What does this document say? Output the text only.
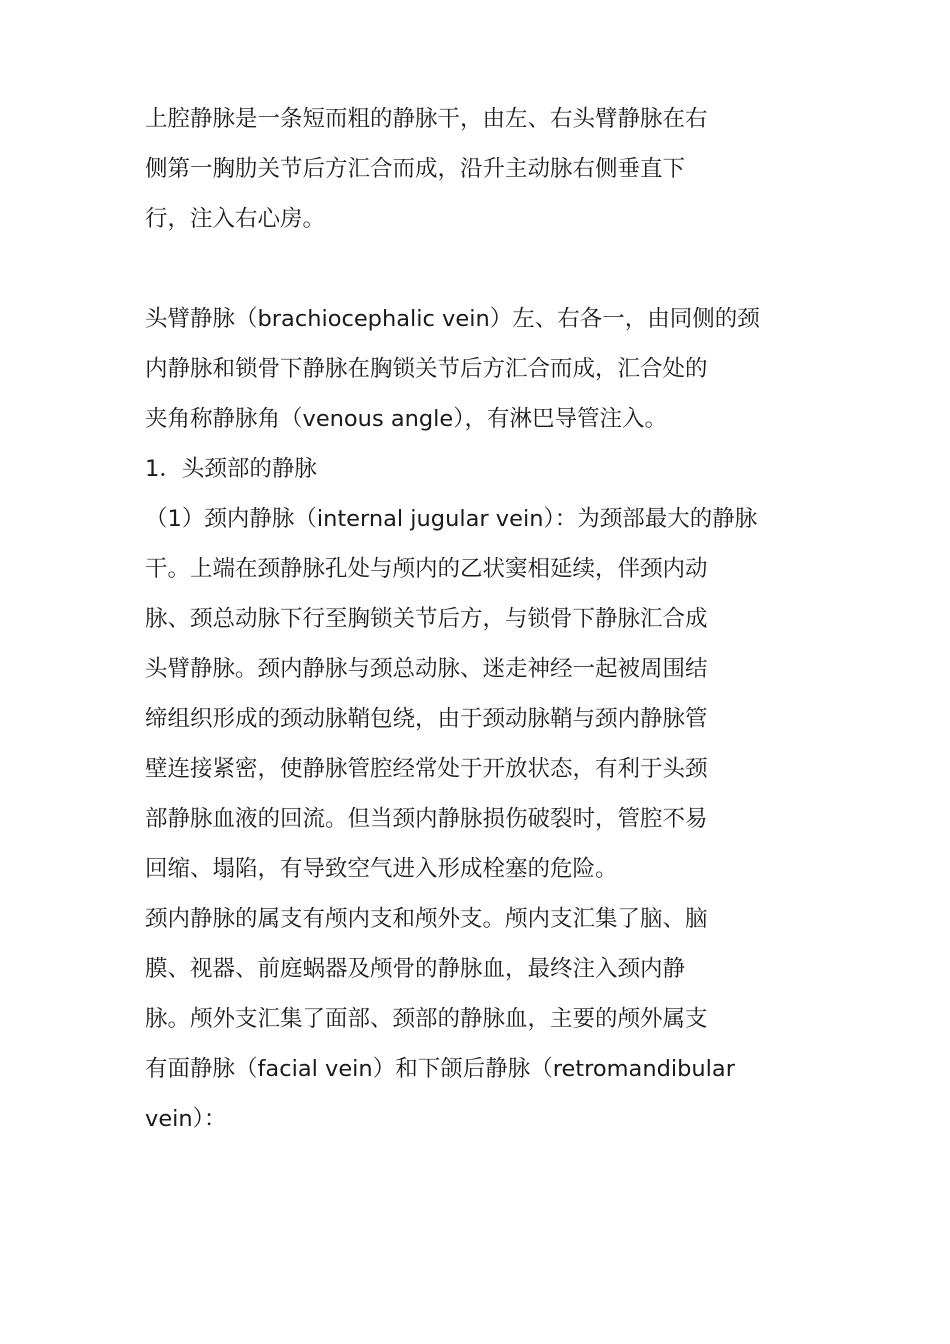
上腔静脉是一条短而粗的静脉干，由左、右头臂静脉在右
侧第一胸肋关节后方汇合而成，沿升主动脉右侧垂直下
行，注入右心房。
头臂静脉（brachiocephalic vein）左、右各一，由同侧的颈
内静脉和锁骨下静脉在胸锁关节后方汇合而成，汇合处的
夹角称静脉角（venous angle），有淋巴导管注入。
1．头颈部的静脉
（1）颈内静脉（internal jugular vein）：为颈部最大的静脉
干。上端在颈静脉孔处与颅内的乙状窦相延续，伴颈内动
脉、颈总动脉下行至胸锁关节后方，与锁骨下静脉汇合成
头臂静脉。颈内静脉与颈总动脉、迷走神经一起被周围结
缔组织形成的颈动脉鞘包绕，由于颈动脉鞘与颈内静脉管
壁连接紧密，使静脉管腔经常处于开放状态，有利于头颈
部静脉血液的回流。但当颈内静脉损伤破裂时，管腔不易
回缩、塌陷，有导致空气进入形成栓塞的危险。
颈内静脉的属支有颅内支和颅外支。颅内支汇集了脑、脑
膜、视器、前庭蜗器及颅骨的静脉血，最终注入颈内静
脉。颅外支汇集了面部、颈部的静脉血，主要的颅外属支
有面静脉（facial vein）和下颌后静脉（retromandibular
vein）：
